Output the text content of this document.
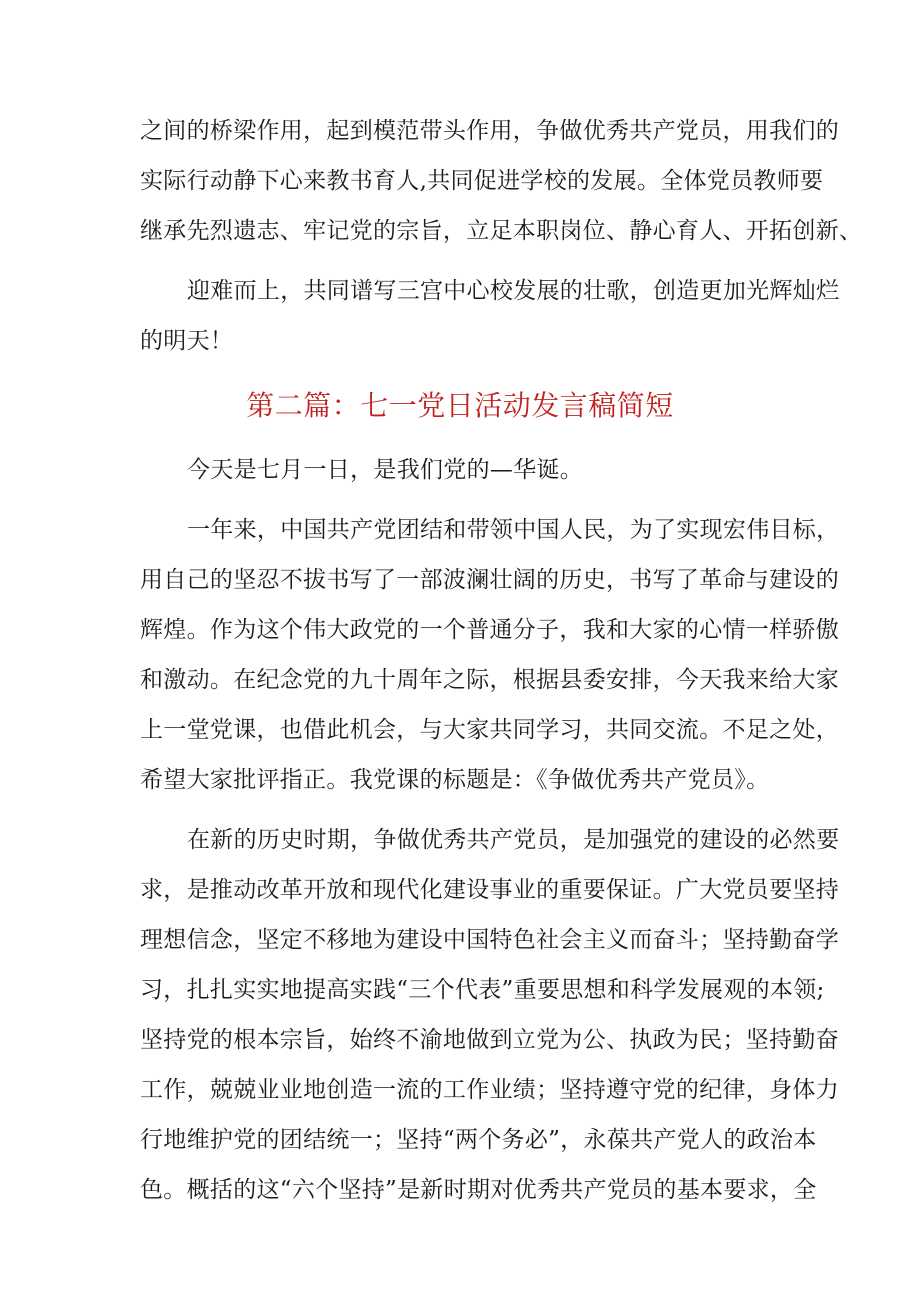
之间的桥梁作用，起到模范带头作用，争做优秀共产党员，用我们的
实际行动静下心来教书育人,共同促进学校的发展。全体党员教师要
继承先烈遗志、牢记党的宗旨，立足本职岗位、静心育人、开拓创新、
迎难而上，共同谱写三宫中心校发展的壮歌，创造更加光辉灿烂
的明天！
第二篇：七一党日活动发言稿简短
今天是七月一日，是我们党的—华诞。
一年来，中国共产党团结和带领中国人民，为了实现宏伟目标，
用自己的坚忍不拔书写了一部波澜壮阔的历史，书写了革命与建设的
辉煌。作为这个伟大政党的一个普通分子，我和大家的心情一样骄傲
和激动。在纪念党的九十周年之际，根据县委安排，今天我来给大家
上一堂党课，也借此机会，与大家共同学习，共同交流。不足之处，
希望大家批评指正。我党课的标题是：《争做优秀共产党员》。
在新的历史时期，争做优秀共产党员，是加强党的建设的必然要
求，是推动改革开放和现代化建设事业的重要保证。广大党员要坚持
理想信念，坚定不移地为建设中国特色社会主义而奋斗；坚持勤奋学
习，扎扎实实地提高实践“三个代表”重要思想和科学发展观的本领;
坚持党的根本宗旨，始终不渝地做到立党为公、执政为民；坚持勤奋
工作，兢兢业业地创造一流的工作业绩；坚持遵守党的纪律，身体力
行地维护党的团结统一；坚持“两个务必”，永葆共产党人的政治本
色。概括的这“六个坚持”是新时期对优秀共产党员的基本要求，全
